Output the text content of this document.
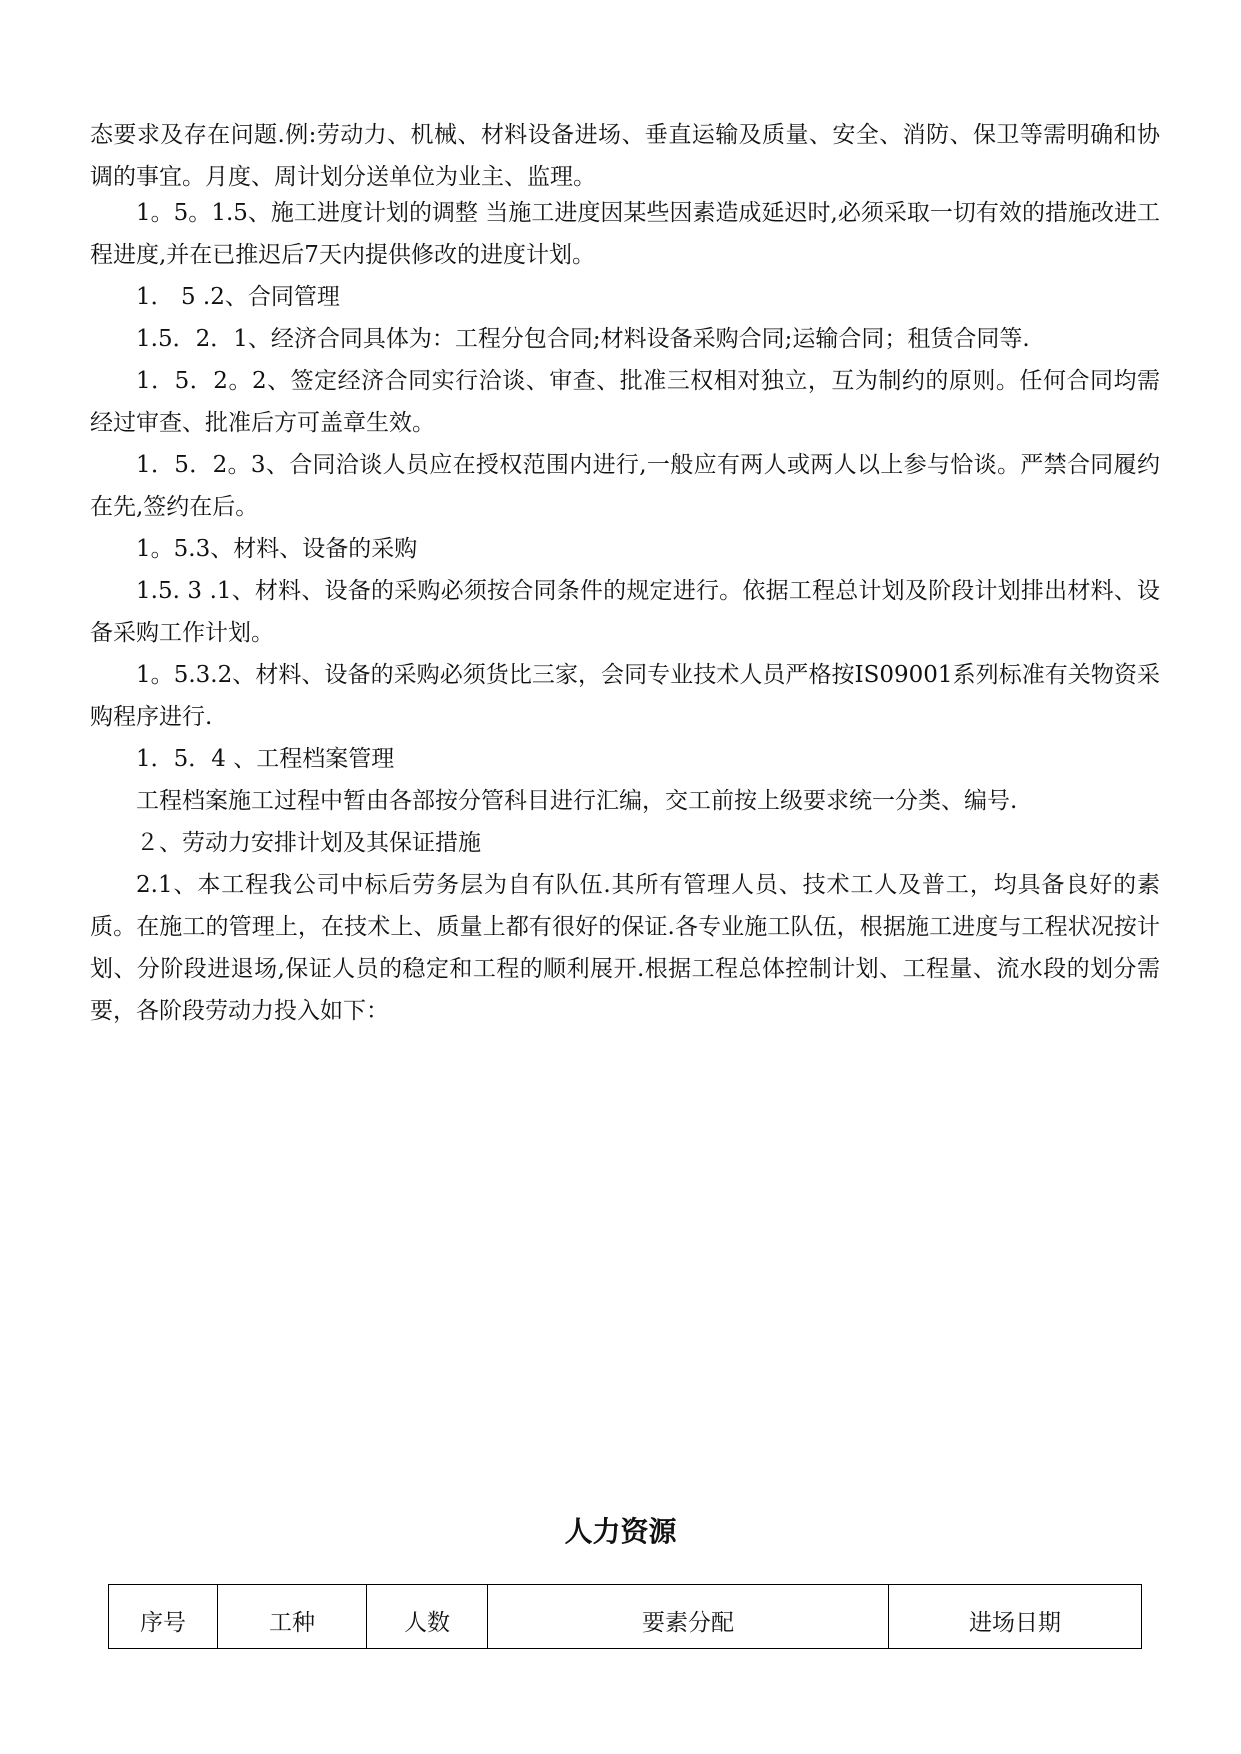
态要求及存在问题.例:劳动力、机械、材料设备进场、垂直运输及质量、安全、消防、保卫等需明确和协调的事宜。月度、周计划分送单位为业主、监理。

1。5。1.5、施工进度计划的调整 当施工进度因某些因素造成延迟时,必须采取一切有效的措施改进工程进度,并在已推迟后7天内提供修改的进度计划。

1． 5 .2、合同管理

1.5．2．1、经济合同具体为：工程分包合同;材料设备采购合同;运输合同；租赁合同等.

1．5．2。2、签定经济合同实行洽谈、审查、批准三权相对独立，互为制约的原则。任何合同均需经过审查、批准后方可盖章生效。

1．5．2。3、合同洽谈人员应在授权范围内进行,一般应有两人或两人以上参与恰谈。严禁合同履约在先,签约在后。

1。5.3、材料、设备的采购

1.5. 3 .1、材料、设备的采购必须按合同条件的规定进行。依据工程总计划及阶段计划排出材料、设备采购工作计划。

1。5.3.2、材料、设备的采购必须货比三家，会同专业技术人员严格按IS09001系列标准有关物资采购程序进行.

1．5．4 、工程档案管理

工程档案施工过程中暂由各部按分管科目进行汇编，交工前按上级要求统一分类、编号.

２、劳动力安排计划及其保证措施

2.1、本工程我公司中标后劳务层为自有队伍.其所有管理人员、技术工人及普工，均具备良好的素质。在施工的管理上，在技术上、质量上都有很好的保证.各专业施工队伍，根据施工进度与工程状况按计划、分阶段进退场,保证人员的稳定和工程的顺利展开.根据工程总体控制计划、工程量、流水段的划分需要，各阶段劳动力投入如下：

人力资源
序号	工种	人数	要素分配	进场日期
